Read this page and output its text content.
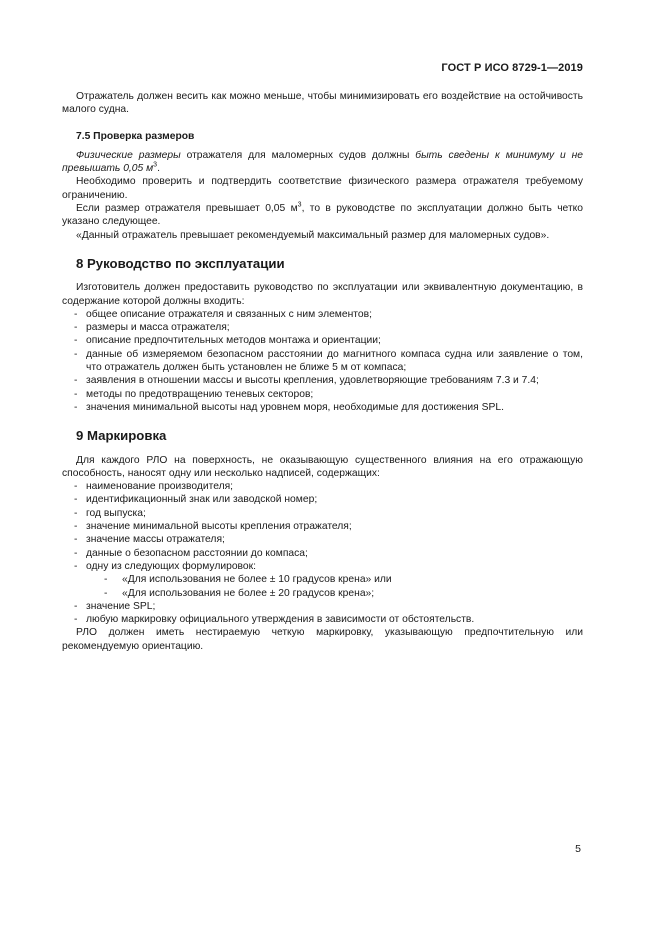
ГОСТ Р ИСО 8729-1—2019

Отражатель должен весить как можно меньше, чтобы минимизировать его воздействие на остойчивость малого судна.

7.5 Проверка размеров

Физические размеры отражателя для маломерных судов должны быть сведены к минимуму и не превышать 0,05 $м^3$.

Необходимо проверить и подтвердить соответствие физического размера отражателя требуемому ограничению.

Если размер отражателя превышает 0,05 $м^3$, то в руководстве по эксплуатации должно быть четко указано следующее.

«Данный отражатель превышает рекомендуемый максимальный размер для маломерных судов».

8 Руководство по эксплуатации

Изготовитель должен предоставить руководство по эксплуатации или эквивалентную документацию, в содержание которой должны входить:

- общее описание отражателя и связанных с ним элементов;
- размеры и масса отражателя;
- описание предпочтительных методов монтажа и ориентации;
- данные об измеряемом безопасном расстоянии до магнитного компаса судна или заявление о том, что отражатель должен быть установлен не ближе 5 м от компаса;
- заявления в отношении массы и высоты крепления, удовлетворяющие требованиям 7.3 и 7.4;
- методы по предотвращению теневых секторов;
- значения минимальной высоты над уровнем моря, необходимые для достижения SPL.
9 Маркировка

Для каждого РЛО на поверхность, не оказывающую существенного влияния на его отражающую способность, наносят одну или несколько надписей, содержащих:

- наименование производителя;
- идентификационный знак или заводской номер;
- год выпуска;
- значение минимальной высоты крепления отражателя;
- значение массы отражателя;
- данные о безопасном расстоянии до компаса;
- одну из следующих формулировок:
- «Для использования не более ± 10 градусов крена» или
- «Для использования не более ± 20 градусов крена»;
- значение SPL;
- любую маркировку официального утверждения в зависимости от обстоятельств.

РЛО должен иметь нестираемую четкую маркировку, указывающую предпочтительную или рекомендуемую ориентацию.

5
